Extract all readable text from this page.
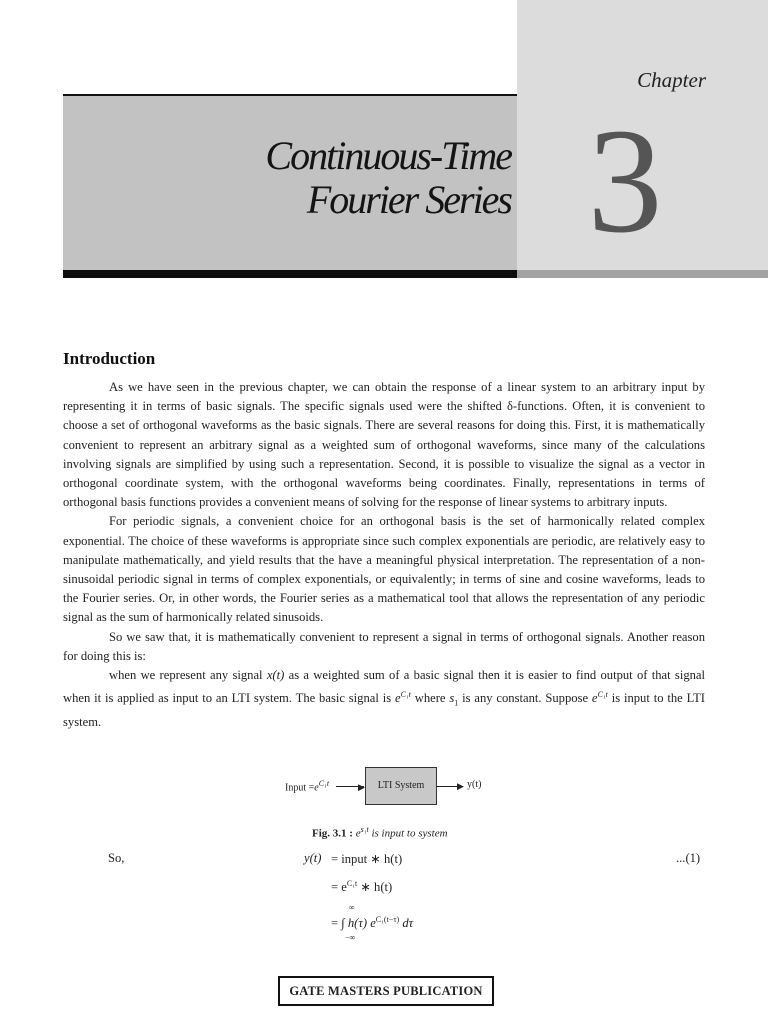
Chapter
3
Continuous-Time
Fourier Series
Introduction

As we have seen in the previous chapter, we can obtain the response of a linear system to an arbitrary input by representing it in terms of basic signals. The specific signals used were the shifted δ-functions. Often, it is convenient to choose a set of orthogonal waveforms as the basic signals. There are several reasons for doing this. First, it is mathematically convenient to represent an arbitrary signal as a weighted sum of orthogonal waveforms, since many of the calculations involving signals are simplified by using such a representation. Second, it is possible to visualize the signal as a vector in orthogonal coordinate system, with the orthogonal waveforms being coordinates. Finally, representations in terms of orthogonal basis functions provides a convenient means of solving for the response of linear systems to arbitrary inputs.

For periodic signals, a convenient choice for an orthogonal basis is the set of harmonically related complex exponential. The choice of these waveforms is appropriate since such complex exponentials are periodic, are relatively easy to manipulate mathematically, and yield results that the have a meaningful physical interpretation. The representation of a non-sinusoidal periodic signal in terms of complex exponentials, or equivalently; in terms of sine and cosine waveforms, leads to the Fourier series. Or, in other words, the Fourier series as a mathematical tool that allows the representation of any periodic signal as the sum of harmonically related sinusoids.

So we saw that, it is mathematically convenient to represent a signal in terms of orthogonal signals. Another reason for doing this is:

when we represent any signal x(t) as a weighted sum of a basic signal then it is easier to find output of that signal when it is applied as input to an LTI system. The basic signal is $e^{C_1t}$ where $s_1$ is any constant. Suppose $e^{C_1t}$ is input to the LTI system.

Input $=e^{C_1t}$	▶	LTI System	▶ y(t)
Fig. 3.1 : $e^{s_1t}$ is input to system
So,	y(t) = input ∗ h(t)	...(1)
= $e^{C_1t}$ ∗ h(t)
= ∫ h(τ) $e^{C_1(t-\tau)}$ dτ
∞
−∞
GATE MASTERS PUBLICATION
